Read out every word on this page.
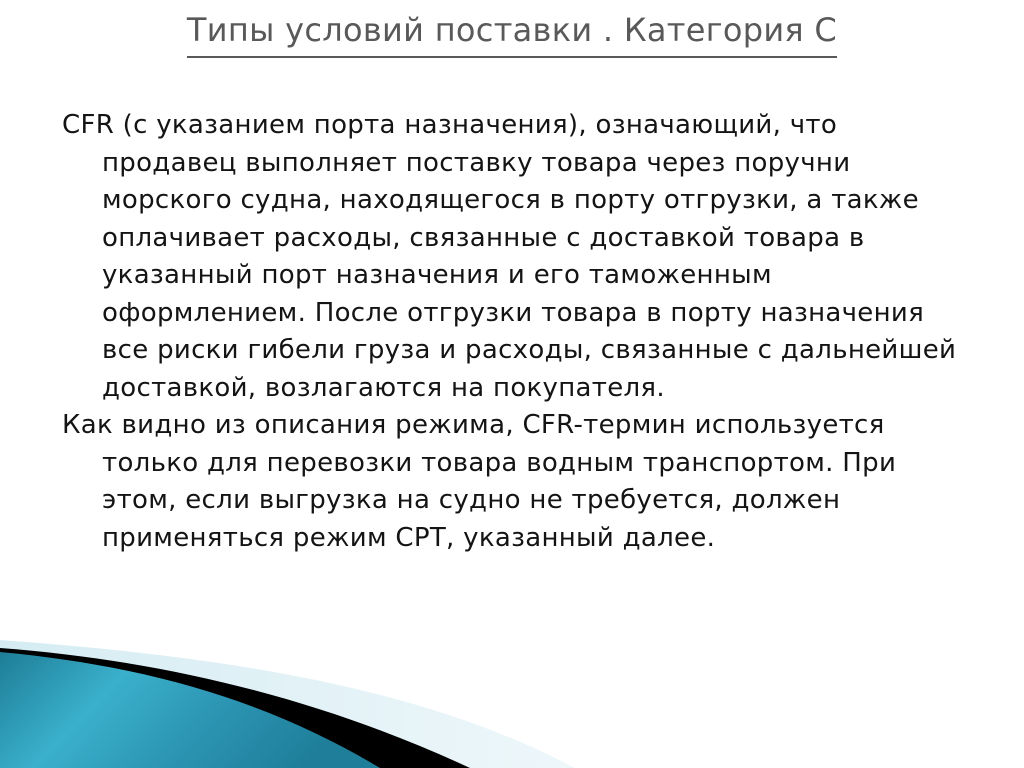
Типы условий поставки . Категория С

CFR (с указанием порта назначения), означающий, что продавец выполняет поставку товара через поручни морского судна, находящегося в порту отгрузки, а также оплачивает расходы, связанные с доставкой товара в указанный порт назначения и его таможенным оформлением. После отгрузки товара в порту назначения все риски гибели груза и расходы, связанные с дальнейшей доставкой, возлагаются на покупателя.

Как видно из описания режима, CFR-термин используется только для перевозки товара водным транспортом. При этом, если выгрузка на судно не требуется, должен применяться режим CPT, указанный далее.
